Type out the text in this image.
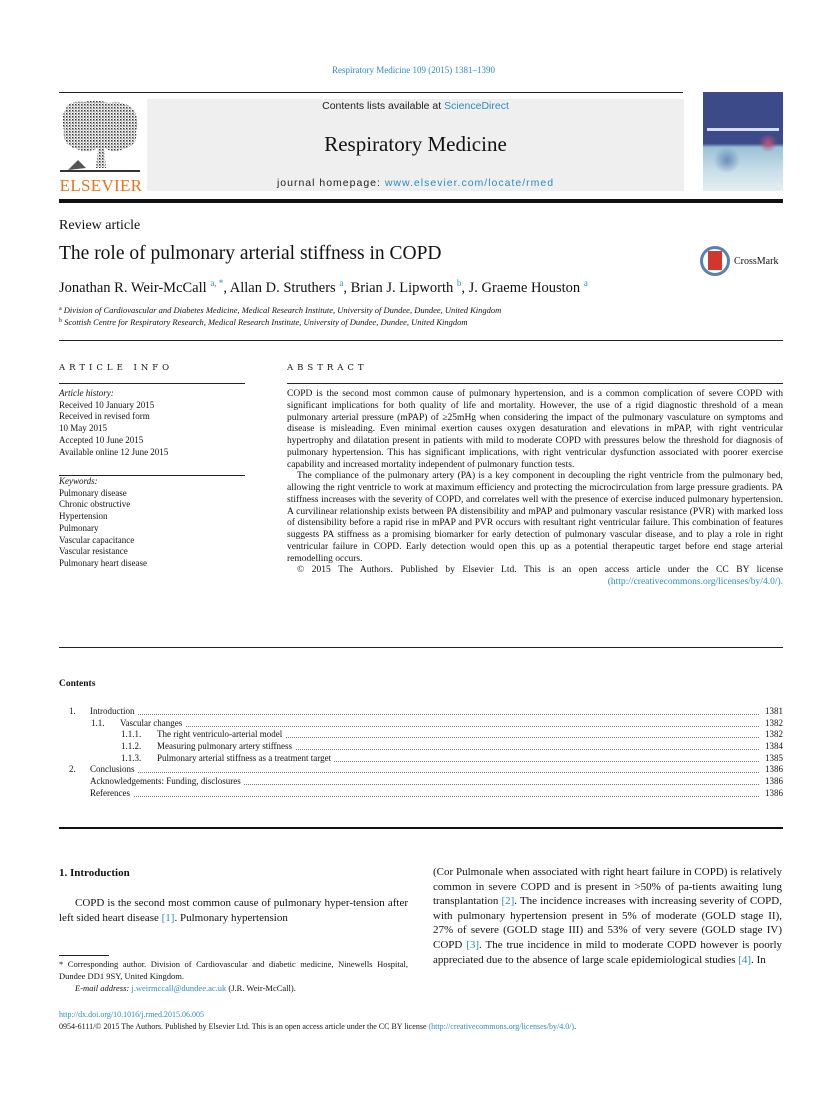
Respiratory Medicine 109 (2015) 1381–1390
ELSEVIER
Contents lists available at ScienceDirect
Respiratory Medicine
journal homepage: www.elsevier.com/locate/rmed
Review article
The role of pulmonary arterial stiffness in COPD	CrossMark
Jonathan R. Weir-McCall $^{a, *}$, Allan D. Struthers $^a$, Brian J. Lipworth $^b$, J. Graeme Houston $^a$
$^a$ Division of Cardiovascular and Diabetes Medicine, Medical Research Institute, University of Dundee, Dundee, United Kingdom
$^b$ Scottish Centre for Respiratory Research, Medical Research Institute, University of Dundee, Dundee, United Kingdom
ARTICLE INFO	ABSTRACT
Article history:
Received 10 January 2015
Received in revised form
10 May 2015
Accepted 10 June 2015
Available online 12 June 2015
Keywords:
Pulmonary disease
Chronic obstructive
Hypertension
Pulmonary
Vascular capacitance
Vascular resistance
Pulmonary heart disease

COPD is the second most common cause of pulmonary hypertension, and is a common complication of severe COPD with significant implications for both quality of life and mortality. However, the use of a rigid diagnostic threshold of a mean pulmonary arterial pressure (mPAP) of ≥25mHg when considering the impact of the pulmonary vasculature on symptoms and disease is misleading. Even minimal exertion causes oxygen desaturation and elevations in mPAP, with right ventricular hypertrophy and dilatation present in patients with mild to moderate COPD with pressures below the threshold for diagnosis of pulmonary hypertension. This has significant implications, with right ventricular dysfunction associated with poorer exercise capability and increased mortality independent of pulmonary function tests.

The compliance of the pulmonary artery (PA) is a key component in decoupling the right ventricle from the pulmonary bed, allowing the right ventricle to work at maximum efficiency and protecting the microcirculation from large pressure gradients. PA stiffness increases with the severity of COPD, and correlates well with the presence of exercise induced pulmonary hypertension. A curvilinear relationship exists between PA distensibility and mPAP and pulmonary vascular resistance (PVR) with marked loss of distensibility before a rapid rise in mPAP and PVR occurs with resultant right ventricular failure. This combination of features suggests PA stiffness as a promising biomarker for early detection of pulmonary vascular disease, and to play a role in right ventricular failure in COPD. Early detection would open this up as a potential therapeutic target before end stage arterial remodelling occurs.

© 2015 The Authors. Published by Elsevier Ltd. This is an open access article under the CC BY license
(http://creativecommons.org/licenses/by/4.0/).
Contents
1. Introduction	1381
1.1. Vascular changes	1382
1.1.1. The right ventriculo-arterial model	1382
1.1.2. Measuring pulmonary artery stiffness	1384
1.1.3. Pulmonary arterial stiffness as a treatment target	1385
2. Conclusions	1386
Acknowledgements: Funding, disclosures	1386
References	1386
1. Introduction

COPD is the second most common cause of pulmonary hyper-tension after left sided heart disease [1]. Pulmonary hypertension

(Cor Pulmonale when associated with right heart failure in COPD) is relatively common in severe COPD and is present in >50% of pa-tients awaiting lung transplantation [2]. The incidence increases with increasing severity of COPD, with pulmonary hypertension present in 5% of moderate (GOLD stage II), 27% of severe (GOLD stage III) and 53% of very severe (GOLD stage IV) COPD [3]. The true incidence in mild to moderate COPD however is poorly appreciated due to the absence of large scale epidemiological studies [4]. In

* Corresponding author. Division of Cardiovascular and diabetic medicine, Ninewells Hospital, Dundee DD1 9SY, United Kingdom.
E-mail address: j.weirmccall@dundee.ac.uk (J.R. Weir-McCall).
http://dx.doi.org/10.1016/j.rmed.2015.06.005
0954-6111/© 2015 The Authors. Published by Elsevier Ltd. This is an open access article under the CC BY license (http://creativecommons.org/licenses/by/4.0/).
